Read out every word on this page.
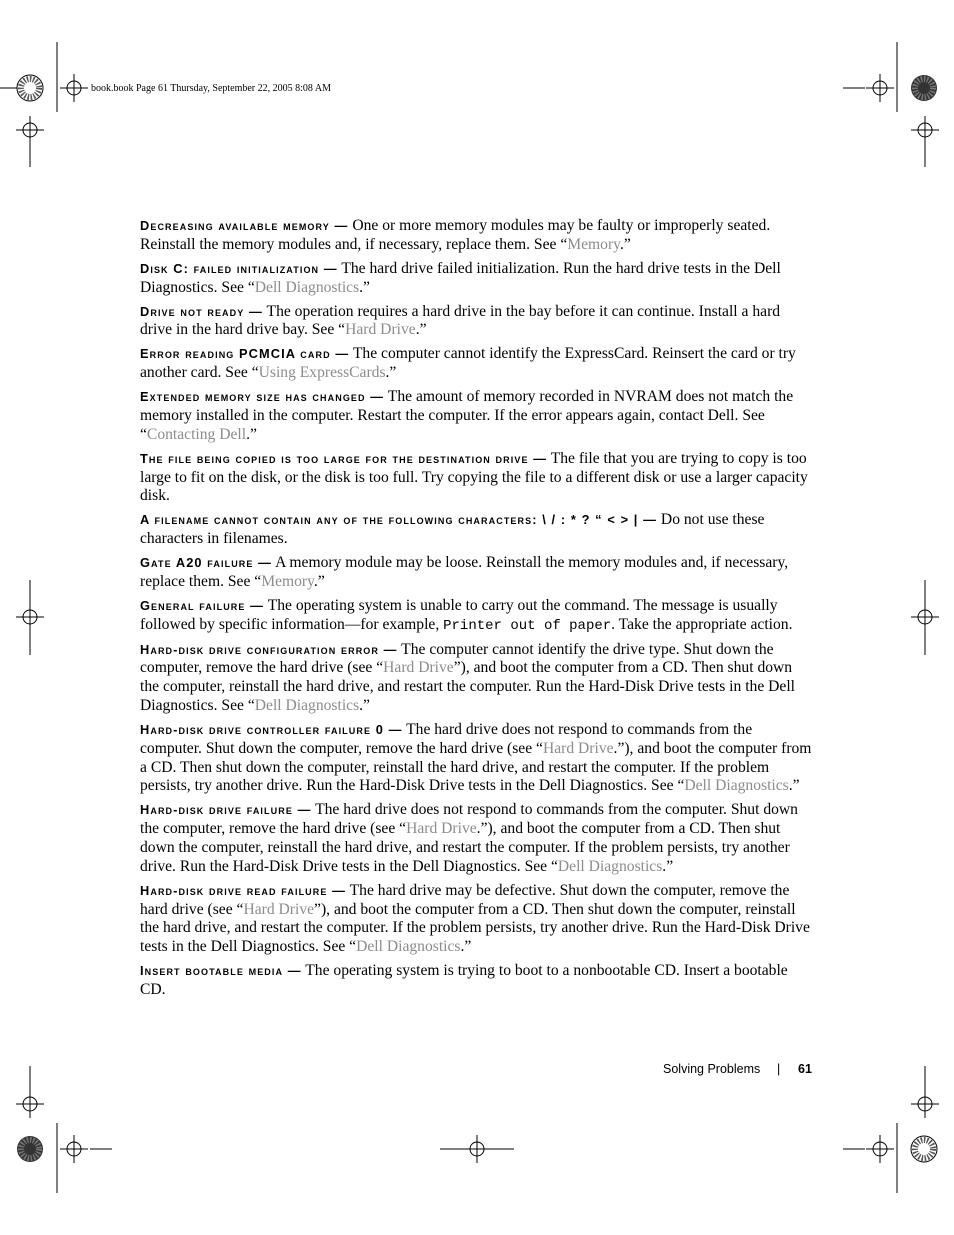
book.book Page 61 Thursday, September 22, 2005 8:08 AM

Decreasing available memory — One or more memory modules may be faulty or improperly seated. Reinstall the memory modules and, if necessary, replace them. See “Memory.”

Disk C: failed initialization — The hard drive failed initialization. Run the hard drive tests in the Dell Diagnostics. See “Dell Diagnostics.”

Drive not ready — The operation requires a hard drive in the bay before it can continue. Install a hard drive in the hard drive bay. See “Hard Drive.”

Error reading PCMCIA card — The computer cannot identify the ExpressCard. Reinsert the card or try another card. See “Using ExpressCards.”

Extended memory size has changed — The amount of memory recorded in NVRAM does not match the memory installed in the computer. Restart the computer. If the error appears again, contact Dell. See “Contacting Dell.”

The file being copied is too large for the destination drive — The file that you are trying to copy is too large to fit on the disk, or the disk is too full. Try copying the file to a different disk or use a larger capacity disk.

A filename cannot contain any of the following characters: \ / : * ? “ < > | — Do not use these characters in filenames.

Gate A20 failure — A memory module may be loose. Reinstall the memory modules and, if necessary, replace them. See “Memory.”

General failure — The operating system is unable to carry out the command. The message is usually followed by specific information—for example, Printer out of paper. Take the appropriate action.

Hard-disk drive configuration error — The computer cannot identify the drive type. Shut down the computer, remove the hard drive (see “Hard Drive”), and boot the computer from a CD. Then shut down the computer, reinstall the hard drive, and restart the computer. Run the Hard-Disk Drive tests in the Dell Diagnostics. See “Dell Diagnostics.”

Hard-disk drive controller failure 0 — The hard drive does not respond to commands from the computer. Shut down the computer, remove the hard drive (see “Hard Drive.”), and boot the computer from a CD. Then shut down the computer, reinstall the hard drive, and restart the computer. If the problem persists, try another drive. Run the Hard-Disk Drive tests in the Dell Diagnostics. See “Dell Diagnostics.”

Hard-disk drive failure — The hard drive does not respond to commands from the computer. Shut down the computer, remove the hard drive (see “Hard Drive.”), and boot the computer from a CD. Then shut down the computer, reinstall the hard drive, and restart the computer. If the problem persists, try another drive. Run the Hard-Disk Drive tests in the Dell Diagnostics. See “Dell Diagnostics.”

Hard-disk drive read failure — The hard drive may be defective. Shut down the computer, remove the hard drive (see “Hard Drive”), and boot the computer from a CD. Then shut down the computer, reinstall the hard drive, and restart the computer. If the problem persists, try another drive. Run the Hard-Disk Drive tests in the Dell Diagnostics. See “Dell Diagnostics.”

Insert bootable media — The operating system is trying to boot to a nonbootable CD. Insert a bootable CD.

Solving Problems | 61
